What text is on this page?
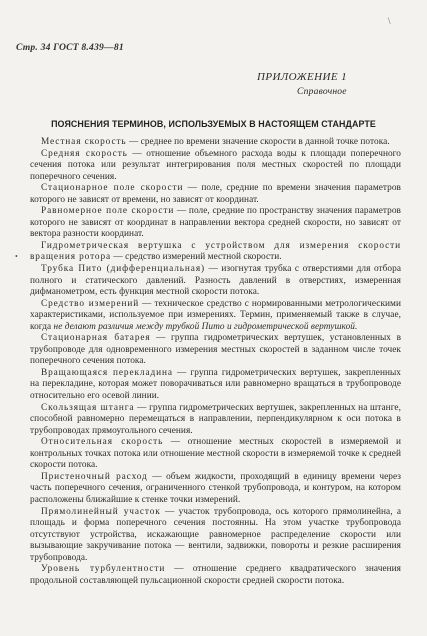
\
Стр. 34 ГОСТ 8.439—81
ПРИЛОЖЕНИЕ 1
Справочное
ПОЯСНЕНИЯ ТЕРМИНОВ, ИСПОЛЬЗУЕМЫХ В НАСТОЯЩЕМ СТАНДАРТЕ
•

Местная скорость — среднее по времени значение скорости в данной точке потока.

Средняя скорость — отношение объемного расхода воды к площади поперечного сечения потока или результат интегрирования поля местных скоростей по площади поперечного сечения.

Стационарное поле скорости — поле, средние по времени значения параметров которого не зависят от времени, но зависят от координат.

Равномерное поле скорости — поле, средние по пространству значения параметров которого не зависят от координат в направлении вектора средней скорости, но зависят от вектора разности координат.

Гидрометрическая вертушка с устройством для измерения скорости вращения ротора — средство измерений местной скорости.

Трубка Пито (дифференциальная) — изогнутая трубка с отверстиями для отбора полного и статического давлений. Разность давлений в отверстиях, измеренная дифманометром, есть функция местной скорости потока.

Средство измерений — техническое средство с нормированными метрологическими характеристиками, используемое при измерениях. Термин, применяемый также в случае, когда не делают различия между трубкой Пито и гидрометрической вертушкой.

Стационарная батарея — группа гидрометрических вертушек, установленных в трубопроводе для одновременного измерения местных скоростей в заданном числе точек поперечного сечения потока.

Вращающаяся перекладина — группа гидрометрических вертушек, закрепленных на перекладине, которая может поворачиваться или равномерно вращаться в трубопроводе относительно его осевой линии.

Скользящая штанга — группа гидрометрических вертушек, закрепленных на штанге, способной равномерно перемещаться в направлении, перпендикулярном к оси потока в трубопроводах прямоугольного сечения.

Относительная скорость — отношение местных скоростей в измеряемой и контрольных точках потока или отношение местной скорости в измеряемой точке к средней скорости потока.

Пристеночный расход — объем жидкости, проходящий в единицу времени через часть поперечного сечения, ограниченного стенкой трубопровода, и контуром, на котором расположены ближайшие к стенке точки измерений.

Прямолинейный участок — участок трубопровода, ось которого прямолинейна, а площадь и форма поперечного сечения постоянны. На этом участке трубопровода отсутствуют устройства, искажающие равномерное распределение скорости или вызывающие закручивание потока — вентили, задвижки, повороты и резкие расширения трубопровода.

Уровень турбулентности — отношение среднего квадратического значения продольной составляющей пульсационной скорости средней скорости потока.
